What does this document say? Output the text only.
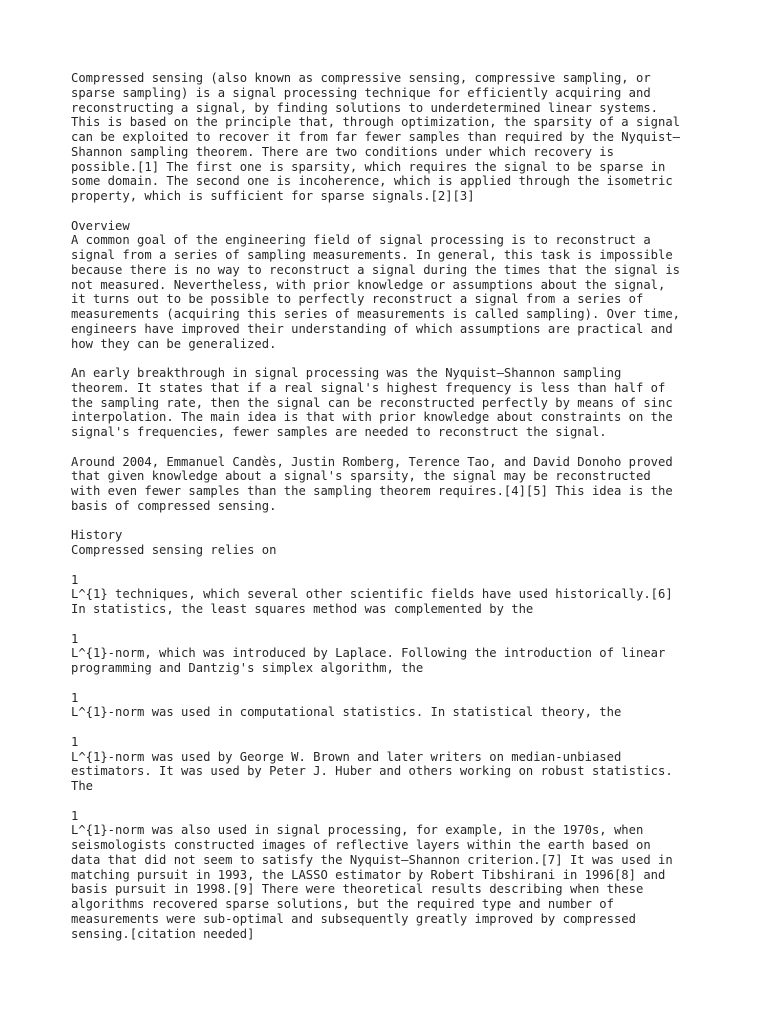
Compressed sensing (also known as compressive sensing, compressive sampling, or
sparse sampling) is a signal processing technique for efficiently acquiring and
reconstructing a signal, by finding solutions to underdetermined linear systems.
This is based on the principle that, through optimization, the sparsity of a signal
can be exploited to recover it from far fewer samples than required by the Nyquist–
Shannon sampling theorem. There are two conditions under which recovery is
possible.[1] The first one is sparsity, which requires the signal to be sparse in
some domain. The second one is incoherence, which is applied through the isometric
property, which is sufficient for sparse signals.[2][3]

Overview

A common goal of the engineering field of signal processing is to reconstruct a
signal from a series of sampling measurements. In general, this task is impossible
because there is no way to reconstruct a signal during the times that the signal is
not measured. Nevertheless, with prior knowledge or assumptions about the signal,
it turns out to be possible to perfectly reconstruct a signal from a series of
measurements (acquiring this series of measurements is called sampling). Over time,
engineers have improved their understanding of which assumptions are practical and
how they can be generalized.

An early breakthrough in signal processing was the Nyquist–Shannon sampling
theorem. It states that if a real signal's highest frequency is less than half of
the sampling rate, then the signal can be reconstructed perfectly by means of sinc
interpolation. The main idea is that with prior knowledge about constraints on the
signal's frequencies, fewer samples are needed to reconstruct the signal.

Around 2004, Emmanuel Candès, Justin Romberg, Terence Tao, and David Donoho proved
that given knowledge about a signal's sparsity, the signal may be reconstructed
with even fewer samples than the sampling theorem requires.[4][5] This idea is the
basis of compressed sensing.

History

Compressed sensing relies on

1

L^{1} techniques, which several other scientific fields have used historically.[6]
In statistics, the least squares method was complemented by the

1

L^{1}-norm, which was introduced by Laplace. Following the introduction of linear
programming and Dantzig's simplex algorithm, the

1

L^{1}-norm was used in computational statistics. In statistical theory, the

1

L^{1}-norm was used by George W. Brown and later writers on median-unbiased
estimators. It was used by Peter J. Huber and others working on robust statistics.
The

1

L^{1}-norm was also used in signal processing, for example, in the 1970s, when
seismologists constructed images of reflective layers within the earth based on
data that did not seem to satisfy the Nyquist–Shannon criterion.[7] It was used in
matching pursuit in 1993, the LASSO estimator by Robert Tibshirani in 1996[8] and
basis pursuit in 1998.[9] There were theoretical results describing when these
algorithms recovered sparse solutions, but the required type and number of
measurements were sub-optimal and subsequently greatly improved by compressed
sensing.[citation needed]
